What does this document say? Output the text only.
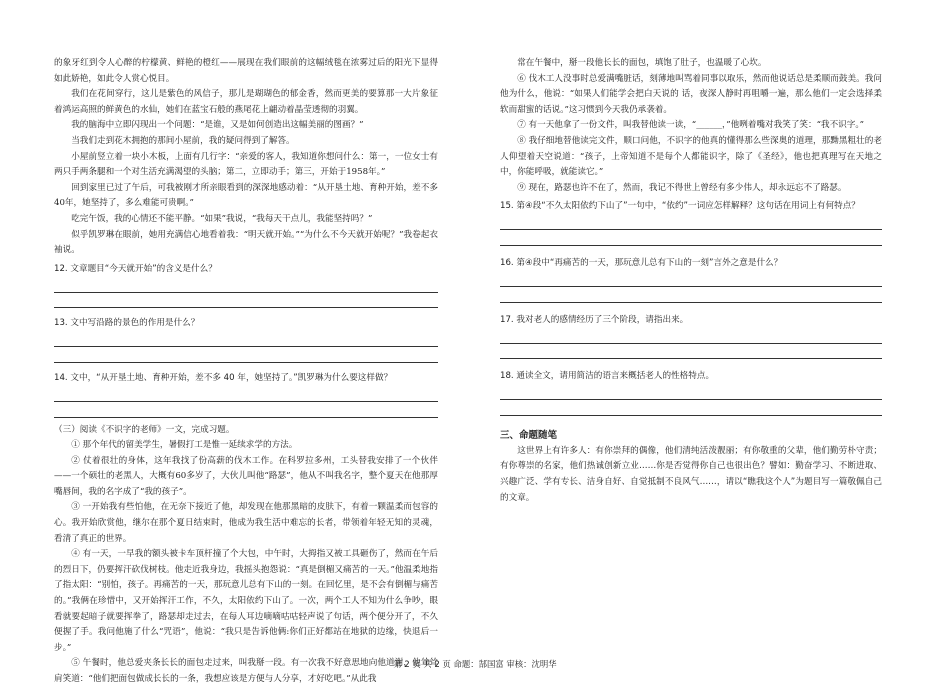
的象牙红到令人心醉的柠檬黄、鲜艳的橙红——展现在我们眼前的这幅绒毯在浓雾过后的阳光下显得如此娇艳，如此令人赏心悦目。

我们在花间穿行，这儿是紫色的风信子，那儿是瑚瑚色的郁金香，然而更美的要算那一大片象征着鸿运高照的鲜黄色的水仙，她们在蓝宝石般的燕尾花上翩动着晶莹透彻的羽翼。

我的脑海中立即闪现出一个问题：“是谁，又是如何创造出这幅美丽的图画？”

当我们走到花木拥抱的那间小屋前，我的疑问得到了解答。

小屋前竖立着一块小木板，上面有几行字：“亲爱的客人，我知道你想问什么：第一，一位女士有两只手两条腿和一个对生活充满渴望的头脑；第二，立即动手；第三，开始于1958年。”

回到家里已过了午后，可我被刚才所亲眼看到的深深地感动着：“从开垦土地、育种开始，差不多40年，她坚持了，多么难能可贵啊。”

吃完午饭，我的心情还不能平静。“如果”我说，“我每天干点儿，我能坚持吗？”

似乎凯罗琳在眼前，她用充满信心地看着我：“明天就开始。”“为什么不今天就开始呢？”我卷起衣袖说。

12. 文章题目“今天就开始”的含义是什么？
13. 文中写沿路的景色的作用是什么？
14. 文中，“从开垦土地、育种开始，差不多 40 年，她坚持了。”凯罗琳为什么要这样做？

（三）阅读《不识字的老师》一文，完成习题。

① 那个年代的留美学生，暑假打工是惟一延续求学的方法。

② 仗着很壮的身体，这年我找了份高薪的伐木工作。在科罗拉多州，工头替我安排了一个伙伴——一个硕壮的老黑人，大概有60多岁了，大伙儿叫他“路瑟”，他从不叫我名字，整个夏天在他那厚嘴唇间，我的名字成了“我的孩子”。

③ 一开始我有些怕他，在无奈下接近了他，却发现在他那黑暗的皮肤下，有着一颗温柔而包容的心。我开始欣赏他，继尔在那个夏日结束时，他成为我生活中难忘的长者，带领着年轻无知的灵魂，看清了真正的世界。

④ 有一天，一早我的额头被卡车顶杆撞了个大包，中午时，大拇指又被工具砸伤了，然而在午后的烈日下，仍要挥汗砍伐树枝。他走近我身边，我摇头抱怨说：“真是倒楣又痛苦的一天。”他温柔地指了指太阳：“别怕，孩子。再痛苦的一天，那玩意儿总有下山的一刻。在回忆里，是不会有倒楣与痛苦的。”我俩在珍惜中，又开始挥汗工作，不久，太阳依约下山了。一次，两个工人不知为什么争吵，眼看就要起暗子就要挥拳了，路瑟却走过去，在每人耳边嘀嘀咕咕轻声说了句话，两个便分开了，不久便握了手。我问他施了什么“咒语”，他说：“我只是告诉他俩:你们正好都站在地狱的边缘，快退后一步。”

⑤ 午餐时，他总爱夹条长长的面包走过来，叫我掰一段。有一次我不好意思地向他道谢，他耸耸肩笑道：“他们把面包做成长长的一条，我想应该是方便与人分享，才好吃吧。”从此我

常在午餐中，掰一段他长长的面包，填饱了肚子，也温暖了心坎。

⑥ 伐木工人没事时总爱满嘴脏话，刻薄地叫骂着同事以取乐，然而他说话总是柔顺而鼓美。我问他为什么，他说：“如果人们能学会把白天说的 话，夜深人静时再咀嚼一遍，那么他们一定会选择柔软而甜蜜的话说。”这习惯到今天我仍承袭着。

⑦ 有一天他拿了一份文件，叫我替他读一读，“______，”他咧着嘴对我笑了笑：“我不识字。”

⑧ 我仔细地替他读完文件，顺口问他，不识字的他真的懂得那么些深奥的道理，那黝黑粗壮的老人仰望着天空说道：“孩子，上帝知道不是每个人都能识字，除了《圣经》，他也把真理写在天地之中，你能呼吸，就能读它。”

⑨ 现在，路瑟也许不在了，然而，我记不得世上曾经有多少伟人，却永远忘不了路瑟。

15. 第④段“不久太阳依约下山了”一句中，“依约”一词应怎样解释？这句话在用词上有何特点？
16. 第④段中“再痛苦的一天，那玩意儿总有下山的一刻”言外之意是什么？
17. 我对老人的感情经历了三个阶段，请指出来。
18. 通读全文，请用简洁的语言来概括老人的性格特点。
三、命题随笔

这世界上有许多人：有你崇拜的偶像，他们清纯活泼靓丽；有你敬重的父辈，他们勤劳朴守责；有你尊崇的名家，他们热诚创新立业……你是否觉得你自己也很出色？譬如：勤奋学习、不断进取、兴趣广泛、学有专长、洁身自好、自觉抵制不良风气……，请以“瞧我这个人”为题目写一篇敬佩自己的文章。

第 2 页 共 2 页 命题：郜国富 审核：沈明华
